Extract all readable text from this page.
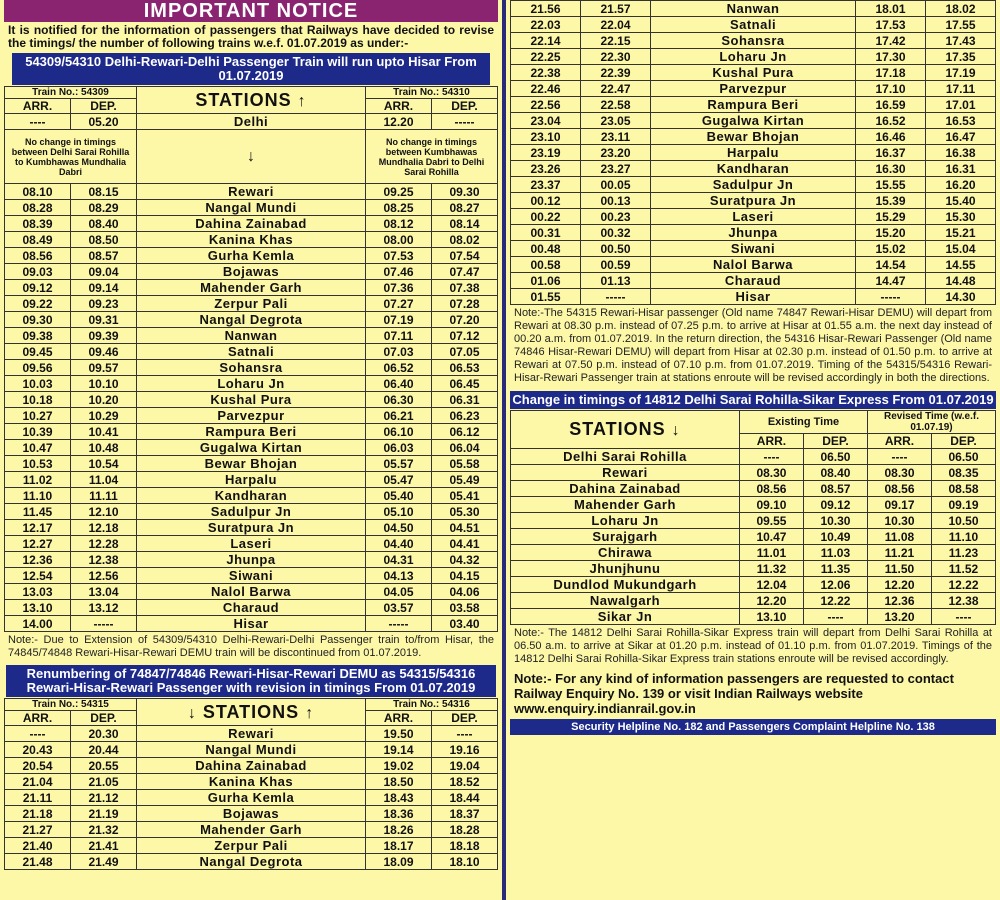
IMPORTANT NOTICE
It is notified for the information of passengers that Railways have decided to revise the timings/ the number of following trains w.e.f. 01.07.2019 as under:-
54309/54310 Delhi-Rewari-Delhi Passenger Train will run upto Hisar From 01.07.2019
Train No.: 54309		STATIONS ↑	Train No.: 54310	
ARR.	DEP.		ARR.	DEP.
----	05.20	Delhi	12.20	-----
No change in timings between Delhi Sarai Rohilla to Kumbhawas Mundhalia Dabri		↓	No change in timings between Kumbhawas Mundhalia Dabri to Delhi Sarai Rohilla	
08.10	08.15	Rewari	09.25	09.30
08.28	08.29	Nangal Mundi	08.25	08.27
08.39	08.40	Dahina Zainabad	08.12	08.14
08.49	08.50	Kanina Khas	08.00	08.02
08.56	08.57	Gurha Kemla	07.53	07.54
09.03	09.04	Bojawas	07.46	07.47
09.12	09.14	Mahender Garh	07.36	07.38
09.22	09.23	Zerpur Pali	07.27	07.28
09.30	09.31	Nangal Degrota	07.19	07.20
09.38	09.39	Nanwan	07.11	07.12
09.45	09.46	Satnali	07.03	07.05
09.56	09.57	Sohansra	06.52	06.53
10.03	10.10	Loharu Jn	06.40	06.45
10.18	10.20	Kushal Pura	06.30	06.31
10.27	10.29	Parvezpur	06.21	06.23
10.39	10.41	Rampura Beri	06.10	06.12
10.47	10.48	Gugalwa Kirtan	06.03	06.04
10.53	10.54	Bewar Bhojan	05.57	05.58
11.02	11.04	Harpalu	05.47	05.49
11.10	11.11	Kandharan	05.40	05.41
11.45	12.10	Sadulpur Jn	05.10	05.30
12.17	12.18	Suratpura Jn	04.50	04.51
12.27	12.28	Laseri	04.40	04.41
12.36	12.38	Jhunpa	04.31	04.32
12.54	12.56	Siwani	04.13	04.15
13.03	13.04	Nalol Barwa	04.05	04.06
13.10	13.12	Charaud	03.57	03.58
14.00	-----	Hisar	-----	03.40
Note:- Due to Extension of 54309/54310 Delhi-Rewari-Delhi Passenger train to/from Hisar, the 74845/74848 Rewari-Hisar-Rewari DEMU train will be discontinued from 01.07.2019.
Renumbering of 74847/74846 Rewari-Hisar-Rewari DEMU as 54315/54316 Rewari-Hisar-Rewari Passenger with revision in timings From 01.07.2019
Train No.: 54315		↓ STATIONS ↑	Train No.: 54316	
ARR.	DEP.		ARR.	DEP.
----	20.30	Rewari	19.50	----
20.43	20.44	Nangal Mundi	19.14	19.16
20.54	20.55	Dahina Zainabad	19.02	19.04
21.04	21.05	Kanina Khas	18.50	18.52
21.11	21.12	Gurha Kemla	18.43	18.44
21.18	21.19	Bojawas	18.36	18.37
21.27	21.32	Mahender Garh	18.26	18.28
21.40	21.41	Zerpur Pali	18.17	18.18
21.48	21.49	Nangal Degrota	18.09	18.10
21.56	21.57	Nanwan	18.01	18.02
22.03	22.04	Satnali	17.53	17.55
22.14	22.15	Sohansra	17.42	17.43
22.25	22.30	Loharu Jn	17.30	17.35
22.38	22.39	Kushal Pura	17.18	17.19
22.46	22.47	Parvezpur	17.10	17.11
22.56	22.58	Rampura Beri	16.59	17.01
23.04	23.05	Gugalwa Kirtan	16.52	16.53
23.10	23.11	Bewar Bhojan	16.46	16.47
23.19	23.20	Harpalu	16.37	16.38
23.26	23.27	Kandharan	16.30	16.31
23.37	00.05	Sadulpur Jn	15.55	16.20
00.12	00.13	Suratpura Jn	15.39	15.40
00.22	00.23	Laseri	15.29	15.30
00.31	00.32	Jhunpa	15.20	15.21
00.48	00.50	Siwani	15.02	15.04
00.58	00.59	Nalol Barwa	14.54	14.55
01.06	01.13	Charaud	14.47	14.48
01.55	-----	Hisar	-----	14.30
Note:-The 54315 Rewari-Hisar passenger (Old name 74847 Rewari-Hisar DEMU) will depart from Rewari at 08.30 p.m. instead of 07.25 p.m. to arrive at Hisar at 01.55 a.m. the next day instead of 00.20 a.m. from 01.07.2019. In the return direction, the 54316 Hisar-Rewari Passenger (Old name 74846 Hisar-Rewari DEMU) will depart from Hisar at 02.30 p.m. instead of 01.50 p.m. to arrive at Rewari at 07.50 p.m. instead of 07.10 p.m. from 01.07.2019. Timing of the 54315/54316 Rewari-Hisar-Rewari Passenger train at stations enroute will be revised accordingly in both the directions.
Change in timings of 14812 Delhi Sarai Rohilla-Sikar Express From 01.07.2019
STATIONS ↓	Existing Time		Revised Time (w.e.f. 01.07.19)	
	ARR.	DEP.	ARR.	DEP.
Delhi Sarai Rohilla	----	06.50	----	06.50
Rewari	08.30	08.40	08.30	08.35
Dahina Zainabad	08.56	08.57	08.56	08.58
Mahender Garh	09.10	09.12	09.17	09.19
Loharu Jn	09.55	10.30	10.30	10.50
Surajgarh	10.47	10.49	11.08	11.10
Chirawa	11.01	11.03	11.21	11.23
Jhunjhunu	11.32	11.35	11.50	11.52
Dundlod Mukundgarh	12.04	12.06	12.20	12.22
Nawalgarh	12.20	12.22	12.36	12.38
Sikar Jn	13.10	----	13.20	----
Note:- The 14812 Delhi Sarai Rohilla-Sikar Express train will depart from Delhi Sarai Rohilla at 06.50 a.m. to arrive at Sikar at 01.20 p.m. instead of 01.10 p.m. from 01.07.2019. Timings of the 14812 Delhi Sarai Rohilla-Sikar Express train stations enroute will be revised accordingly.
Note:- For any kind of information passengers are requested to contact Railway Enquiry No. 139 or visit Indian Railways website www.enquiry.indianrail.gov.in
Security Helpline No. 182 and Passengers Complaint Helpline No. 138
